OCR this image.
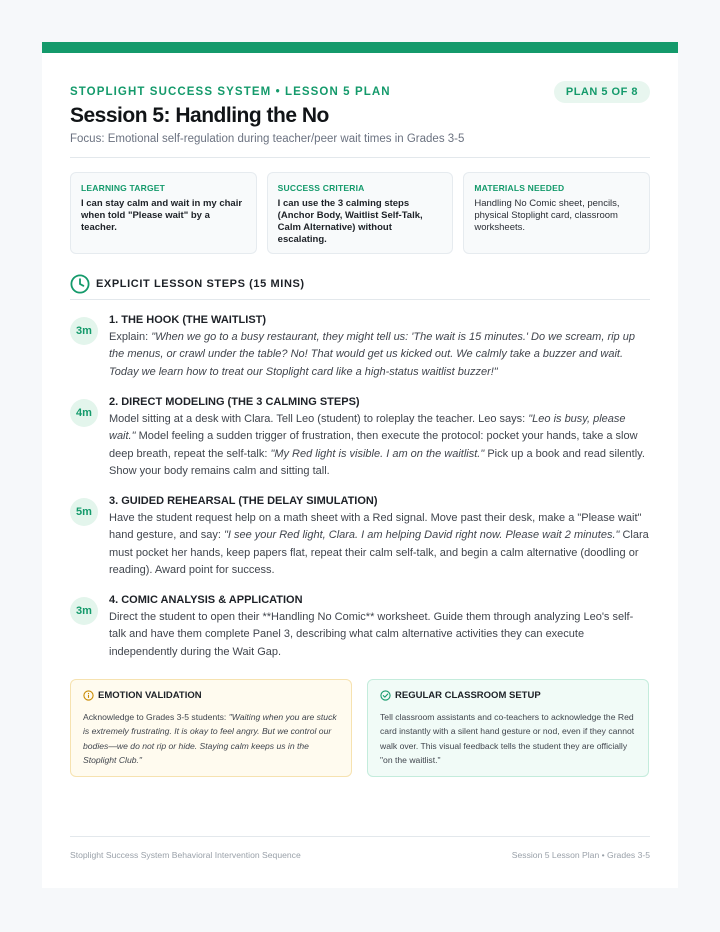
STOPLIGHT SUCCESS SYSTEM • LESSON 5 PLAN	PLAN 5 OF 8
Session 5: Handling the No
Focus: Emotional self-regulation during teacher/peer wait times in Grades 3-5
LEARNING TARGET
I can stay calm and wait in my chair when told "Please wait" by a teacher.
SUCCESS CRITERIA
I can use the 3 calming steps (Anchor Body, Waitlist Self-Talk, Calm Alternative) without escalating.
MATERIALS NEEDED
Handling No Comic sheet, pencils, physical Stoplight card, classroom worksheets.
EXPLICIT LESSON STEPS (15 MINS)
3m
1. THE HOOK (THE WAITLIST)
Explain: "When we go to a busy restaurant, they might tell us: 'The wait is 15 minutes.' Do we scream, rip up the menus, or crawl under the table? No! That would get us kicked out. We calmly take a buzzer and wait. Today we learn how to treat our Stoplight card like a high-status waitlist buzzer!"
4m
2. DIRECT MODELING (THE 3 CALMING STEPS)
Model sitting at a desk with Clara. Tell Leo (student) to roleplay the teacher. Leo says: "Leo is busy, please wait." Model feeling a sudden trigger of frustration, then execute the protocol: pocket your hands, take a slow deep breath, repeat the self-talk: "My Red light is visible. I am on the waitlist." Pick up a book and read silently. Show your body remains calm and sitting tall.
5m
3. GUIDED REHEARSAL (THE DELAY SIMULATION)
Have the student request help on a math sheet with a Red signal. Move past their desk, make a "Please wait" hand gesture, and say: "I see your Red light, Clara. I am helping David right now. Please wait 2 minutes." Clara must pocket her hands, keep papers flat, repeat their calm self-talk, and begin a calm alternative (doodling or reading). Award point for success.
3m
4. COMIC ANALYSIS & APPLICATION
Direct the student to open their **Handling No Comic** worksheet. Guide them through analyzing Leo's self-talk and have them complete Panel 3, describing what calm alternative activities they can execute independently during the Wait Gap.
EMOTION VALIDATION
Acknowledge to Grades 3-5 students: "Waiting when you are stuck is extremely frustrating. It is okay to feel angry. But we control our bodies—we do not rip or hide. Staying calm keeps us in the Stoplight Club."
REGULAR CLASSROOM SETUP
Tell classroom assistants and co-teachers to acknowledge the Red card instantly with a silent hand gesture or nod, even if they cannot walk over. This visual feedback tells the student they are officially "on the waitlist."
Stoplight Success System Behavioral Intervention Sequence	Session 5 Lesson Plan • Grades 3-5
